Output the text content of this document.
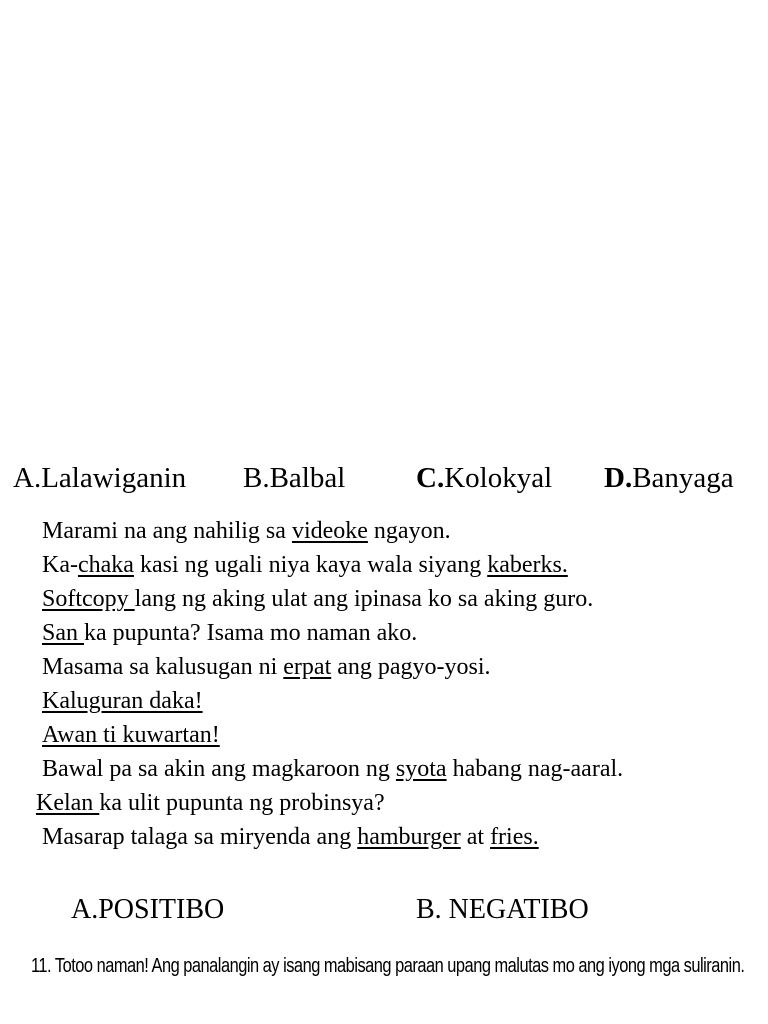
A.Lalawiganin B.Balbal C.Kolokyal D.Banyaga
Marami na ang nahilig sa videoke ngayon.
Ka-chaka kasi ng ugali niya kaya wala siyang kaberks.
Softcopy lang ng aking ulat ang ipinasa ko sa aking guro.
San ka pupunta? Isama mo naman ako.
Masama sa kalusugan ni erpat ang pagyo-yosi.
Kaluguran daka!
Awan ti kuwartan!
Bawal pa sa akin ang magkaroon ng syota habang nag-aaral.
Kelan ka ulit pupunta ng probinsya?
Masarap talaga sa miryenda ang hamburger at fries.
A.POSITIBO	B. NEGATIBO
11. Totoo naman! Ang panalangin ay isang mabisang paraan upang malutas mo ang iyong mga suliranin.
